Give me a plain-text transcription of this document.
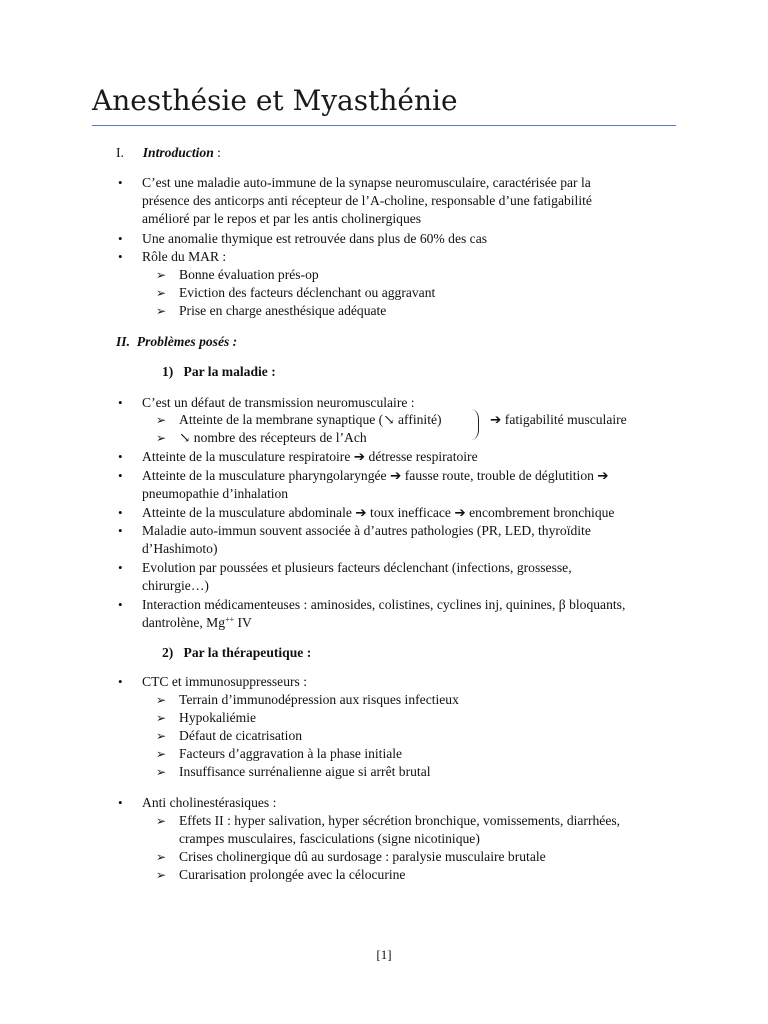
Anesthésie et Myasthénie
I. Introduction :
• C’est une maladie auto-immune de la synapse neuromusculaire, caractérisée par la
présence des anticorps anti récepteur de l’A-choline, responsable d’une fatigabilité
amélioré par le repos et par les antis cholinergiques
• Une anomalie thymique est retrouvée dans plus de 60% des cas
• Rôle du MAR :
➢ Bonne évaluation prés-op
➢ Eviction des facteurs déclenchant ou aggravant
➢ Prise en charge anesthésique adéquate
II.  Problèmes posés :
1)   Par la maladie :
• C’est un défaut de transmission neuromusculaire :
➢ Atteinte de la membrane synaptique (↘ affinité)
➢ ↘ nombre des récepteurs de l’Ach
➔ fatigabilité musculaire
• Atteinte de la musculature respiratoire ➔ détresse respiratoire
• Atteinte de la musculature pharyngolaryngée ➔ fausse route, trouble de déglutition ➔
pneumopathie d’inhalation
• Atteinte de la musculature abdominale ➔ toux inefficace ➔ encombrement bronchique
• Maladie auto-immun souvent associée à d’autres pathologies (PR, LED, thyroïdite
d’Hashimoto)
• Evolution par poussées et plusieurs facteurs déclenchant (infections, grossesse,
chirurgie…)
• Interaction médicamenteuses : aminosides, colistines, cyclines inj, quinines, β bloquants,
dantrolène, Mg++ IV
2)   Par la thérapeutique :
• CTC et immunosuppresseurs :
➢ Terrain d’immunodépression aux risques infectieux
➢ Hypokaliémie
➢ Défaut de cicatrisation
➢ Facteurs d’aggravation à la phase initiale
➢ Insuffisance surrénalienne aigue si arrêt brutal
• Anti cholinestérasiques :
➢ Effets II : hyper salivation, hyper sécrétion bronchique, vomissements, diarrhées,
crampes musculaires, fasciculations (signe nicotinique)
➢ Crises cholinergique dû au surdosage : paralysie musculaire brutale
➢ Curarisation prolongée avec la célocurine
[1]
